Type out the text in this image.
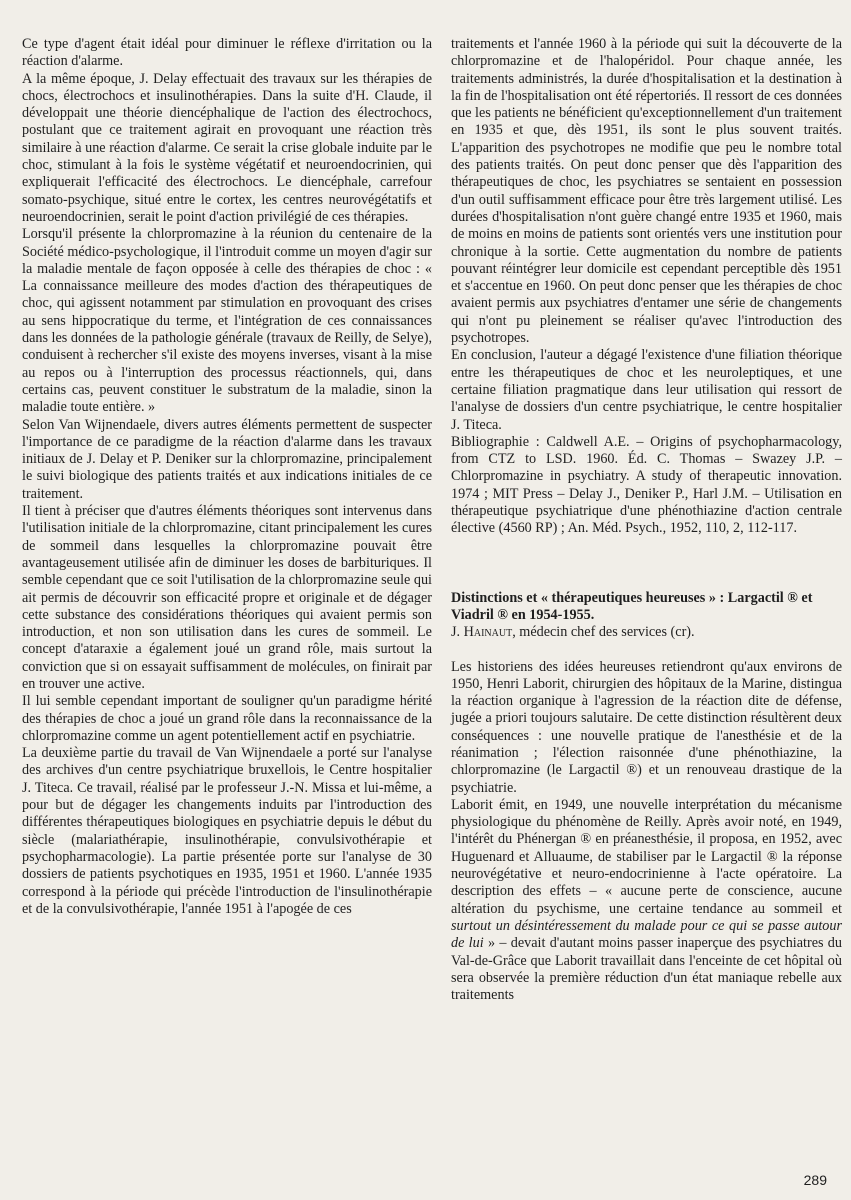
Ce type d'agent était idéal pour diminuer le réflexe d'irritation ou la réaction d'alarme.

A la même époque, J. Delay effectuait des travaux sur les thérapies de chocs, électrochocs et insulinothérapies. Dans la suite d'H. Claude, il développait une théorie diencéphalique de l'action des électrochocs, postulant que ce traitement agirait en provoquant une réaction très similaire à une réaction d'alarme. Ce serait la crise globale induite par le choc, stimulant à la fois le système végétatif et neuroendocrinien, qui expliquerait l'efficacité des électrochocs. Le diencéphale, carrefour somato-psychique, situé entre le cortex, les centres neurovégétatifs et neuroendocrinien, serait le point d'action privilégié de ces thérapies.

Lorsqu'il présente la chlorpromazine à la réunion du centenaire de la Société médico-psychologique, il l'introduit comme un moyen d'agir sur la maladie mentale de façon opposée à celle des thérapies de choc : « La connaissance meilleure des modes d'action des thérapeutiques de choc, qui agissent notamment par stimulation en provoquant des crises au sens hippocratique du terme, et l'intégration de ces connaissances dans les données de la pathologie générale (travaux de Reilly, de Selye), conduisent à rechercher s'il existe des moyens inverses, visant à la mise au repos ou à l'interruption des processus réactionnels, qui, dans certains cas, peuvent constituer le substratum de la maladie, sinon la maladie toute entière. »

Selon Van Wijnendaele, divers autres éléments permettent de suspecter l'importance de ce paradigme de la réaction d'alarme dans les travaux initiaux de J. Delay et P. Deniker sur la chlorpromazine, principalement le suivi biologique des patients traités et aux indications initiales de ce traitement.

Il tient à préciser que d'autres éléments théoriques sont intervenus dans l'utilisation initiale de la chlorpromazine, citant principalement les cures de sommeil dans lesquelles la chlorpromazine pouvait être avantageusement utilisée afin de diminuer les doses de barbituriques. Il semble cependant que ce soit l'utilisation de la chlorpromazine seule qui ait permis de découvrir son efficacité propre et originale et de dégager cette substance des considérations théoriques qui avaient permis son introduction, et non son utilisation dans les cures de sommeil. Le concept d'ataraxie a également joué un grand rôle, mais surtout la conviction que si on essayait suffisamment de molécules, on finirait par en trouver une active.

Il lui semble cependant important de souligner qu'un paradigme hérité des thérapies de choc a joué un grand rôle dans la reconnaissance de la chlorpromazine comme un agent potentiellement actif en psychiatrie.

La deuxième partie du travail de Van Wijnendaele a porté sur l'analyse des archives d'un centre psychiatrique bruxellois, le Centre hospitalier J. Titeca. Ce travail, réalisé par le professeur J.-N. Missa et lui-même, a pour but de dégager les changements induits par l'introduction des différentes thérapeutiques biologiques en psychiatrie depuis le début du siècle (malariathérapie, insulinothérapie, convulsivothérapie et psychopharmacologie). La partie présentée porte sur l'analyse de 30 dossiers de patients psychotiques en 1935, 1951 et 1960. L'année 1935 correspond à la période qui précède l'introduction de l'insulinothérapie et de la convulsivothérapie, l'année 1951 à l'apogée de ces

traitements et l'année 1960 à la période qui suit la découverte de la chlorpromazine et de l'halopéridol. Pour chaque année, les traitements administrés, la durée d'hospitalisation et la destination à la fin de l'hospitalisation ont été répertoriés. Il ressort de ces données que les patients ne bénéficient qu'exceptionnellement d'un traitement en 1935 et que, dès 1951, ils sont le plus souvent traités. L'apparition des psychotropes ne modifie que peu le nombre total des patients traités. On peut donc penser que dès l'apparition des thérapeutiques de choc, les psychiatres se sentaient en possession d'un outil suffisamment efficace pour être très largement utilisé. Les durées d'hospitalisation n'ont guère changé entre 1935 et 1960, mais de moins en moins de patients sont orientés vers une institution pour chronique à la sortie. Cette augmentation du nombre de patients pouvant réintégrer leur domicile est cependant perceptible dès 1951 et s'accentue en 1960. On peut donc penser que les thérapies de choc avaient permis aux psychiatres d'entamer une série de changements qui n'ont pu pleinement se réaliser qu'avec l'introduction des psychotropes.

En conclusion, l'auteur a dégagé l'existence d'une filiation théorique entre les thérapeutiques de choc et les neuroleptiques, et une certaine filiation pragmatique dans leur utilisation qui ressort de l'analyse de dossiers d'un centre psychiatrique, le centre hospitalier J. Titeca.

Bibliographie : Caldwell A.E. – Origins of psychopharmacology, from CTZ to LSD. 1960. Éd. C. Thomas – Swazey J.P. – Chlorpromazine in psychiatry. A study of therapeutic innovation. 1974 ; MIT Press – Delay J., Deniker P., Harl J.M. – Utilisation en thérapeutique psychiatrique d'une phénothiazine d'action centrale élective (4560 RP) ; An. Méd. Psych., 1952, 110, 2, 112-117.

Distinctions et « thérapeutiques heureuses » : Largactil ® et Viadril ® en 1954-1955.

J. Hainaut, médecin chef des services (cr).

Les historiens des idées heureuses retiendront qu'aux environs de 1950, Henri Laborit, chirurgien des hôpitaux de la Marine, distingua la réaction organique à l'agression de la réaction dite de défense, jugée a priori toujours salutaire. De cette distinction résultèrent deux conséquences : une nouvelle pratique de l'anesthésie et de la réanimation ; l'élection raisonnée d'une phénothiazine, la chlorpromazine (le Largactil ®) et un renouveau drastique de la psychiatrie.

Laborit émit, en 1949, une nouvelle interprétation du mécanisme physiologique du phénomène de Reilly. Après avoir noté, en 1949, l'intérêt du Phénergan ® en préanesthésie, il proposa, en 1952, avec Huguenard et Alluaume, de stabiliser par le Largactil ® la réponse neurovégétative et neuro-endocrinienne à l'acte opératoire. La description des effets – « aucune perte de conscience, aucune altération du psychisme, une certaine tendance au sommeil et surtout un désintéressement du malade pour ce qui se passe autour de lui » – devait d'autant moins passer inaperçue des psychiatres du Val-de-Grâce que Laborit travaillait dans l'enceinte de cet hôpital où sera observée la première réduction d'un état maniaque rebelle aux traitements

289
